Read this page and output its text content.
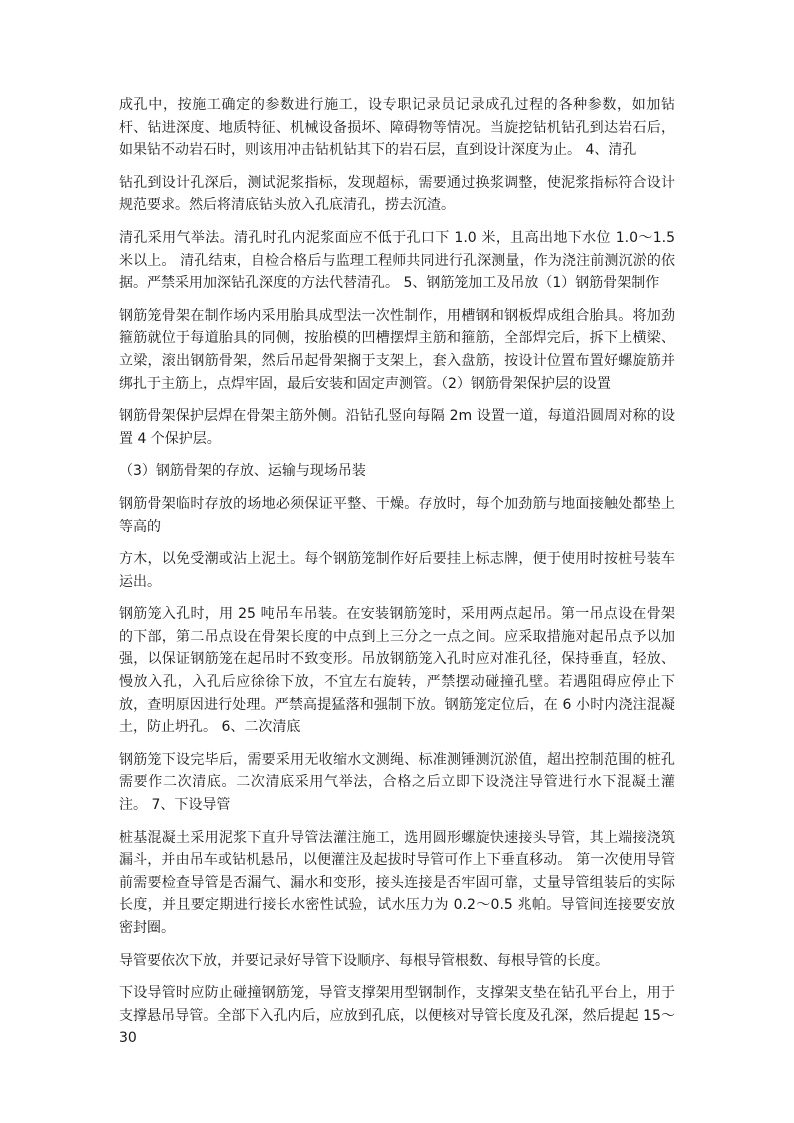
成孔中，按施工确定的参数进行施工，设专职记录员记录成孔过程的各种参数，如加钻杆、钻进深度、地质特征、机械设备损坏、障碍物等情况。当旋挖钻机钻孔到达岩石后，如果钻不动岩石时，则该用冲击钻机钻其下的岩石层，直到设计深度为止。 4、清孔

钻孔到设计孔深后，测试泥浆指标，发现超标，需要通过换浆调整，使泥浆指标符合设计规范要求。然后将清底钻头放入孔底清孔，捞去沉渣。

清孔采用气举法。清孔时孔内泥浆面应不低于孔口下 1.0 米，且高出地下水位 1.0～1.5 米以上。 清孔结束，自检合格后与监理工程师共同进行孔深测量，作为浇注前测沉淤的依据。严禁采用加深钻孔深度的方法代替清孔。 5、钢筋笼加工及吊放（1）钢筋骨架制作

钢筋笼骨架在制作场内采用胎具成型法一次性制作，用槽钢和钢板焊成组合胎具。将加劲箍筋就位于每道胎具的同侧，按胎模的凹槽摆焊主筋和箍筋，全部焊完后，拆下上横梁、立梁，滚出钢筋骨架，然后吊起骨架搁于支架上，套入盘筋，按设计位置布置好螺旋筋并绑扎于主筋上，点焊牢固，最后安装和固定声测管。（2）钢筋骨架保护层的设置

钢筋骨架保护层焊在骨架主筋外侧。沿钻孔竖向每隔 2m 设置一道，每道沿圆周对称的设置 4 个保护层。

（3）钢筋骨架的存放、运输与现场吊装

钢筋骨架临时存放的场地必须保证平整、干燥。存放时，每个加劲筋与地面接触处都垫上等高的

方木，以免受潮或沾上泥土。每个钢筋笼制作好后要挂上标志牌，便于使用时按桩号装车运出。

钢筋笼入孔时，用 25 吨吊车吊装。在安装钢筋笼时，采用两点起吊。第一吊点设在骨架的下部，第二吊点设在骨架长度的中点到上三分之一点之间。应采取措施对起吊点予以加强，以保证钢筋笼在起吊时不致变形。吊放钢筋笼入孔时应对准孔径，保持垂直，轻放、慢放入孔，入孔后应徐徐下放，不宜左右旋转，严禁摆动碰撞孔壁。若遇阻碍应停止下放，查明原因进行处理。严禁高提猛落和强制下放。钢筋笼定位后，在 6 小时内浇注混凝土，防止坍孔。 6、二次清底

钢筋笼下设完毕后，需要采用无收缩水文测绳、标准测锤测沉淤值，超出控制范围的桩孔需要作二次清底。二次清底采用气举法，合格之后立即下设浇注导管进行水下混凝土灌注。 7、下设导管

桩基混凝土采用泥浆下直升导管法灌注施工，选用圆形螺旋快速接头导管，其上端接浇筑漏斗，并由吊车或钻机悬吊，以便灌注及起拔时导管可作上下垂直移动。 第一次使用导管前需要检查导管是否漏气、漏水和变形，接头连接是否牢固可靠，丈量导管组装后的实际长度，并且要定期进行接长水密性试验，试水压力为 0.2～0.5 兆帕。导管间连接要安放密封圈。

导管要依次下放，并要记录好导管下设顺序、每根导管根数、每根导管的长度。

下设导管时应防止碰撞钢筋笼，导管支撑架用型钢制作，支撑架支垫在钻孔平台上，用于支撑悬吊导管。全部下入孔内后，应放到孔底，以便核对导管长度及孔深，然后提起 15～30
